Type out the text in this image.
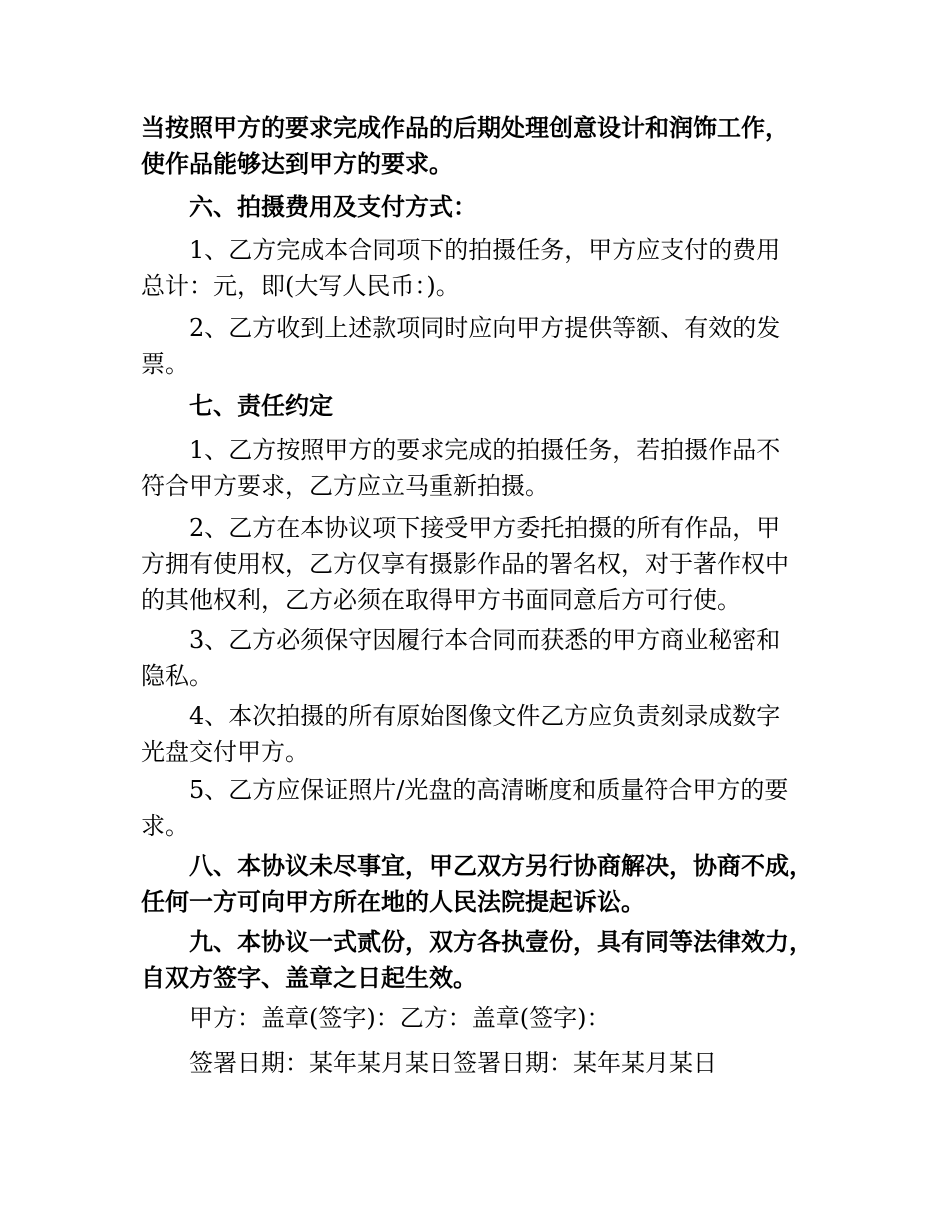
当按照甲方的要求完成作品的后期处理创意设计和润饰工作，
使作品能够达到甲方的要求。

六、拍摄费用及支付方式：

1、乙方完成本合同项下的拍摄任务，甲方应支付的费用
总计：元，即(大写人民币：)。

2、乙方收到上述款项同时应向甲方提供等额、有效的发
票。

七、责任约定

1、乙方按照甲方的要求完成的拍摄任务，若拍摄作品不
符合甲方要求，乙方应立马重新拍摄。

2、乙方在本协议项下接受甲方委托拍摄的所有作品，甲
方拥有使用权，乙方仅享有摄影作品的署名权，对于著作权中
的其他权利，乙方必须在取得甲方书面同意后方可行使。

3、乙方必须保守因履行本合同而获悉的甲方商业秘密和
隐私。

4、本次拍摄的所有原始图像文件乙方应负责刻录成数字
光盘交付甲方。

5、乙方应保证照片/光盘的高清晰度和质量符合甲方的要
求。

八、本协议未尽事宜，甲乙双方另行协商解决，协商不成，
任何一方可向甲方所在地的人民法院提起诉讼。

九、本协议一式贰份，双方各执壹份，具有同等法律效力，
自双方签字、盖章之日起生效。

甲方：盖章(签字)：乙方：盖章(签字)：

签署日期：某年某月某日签署日期：某年某月某日
